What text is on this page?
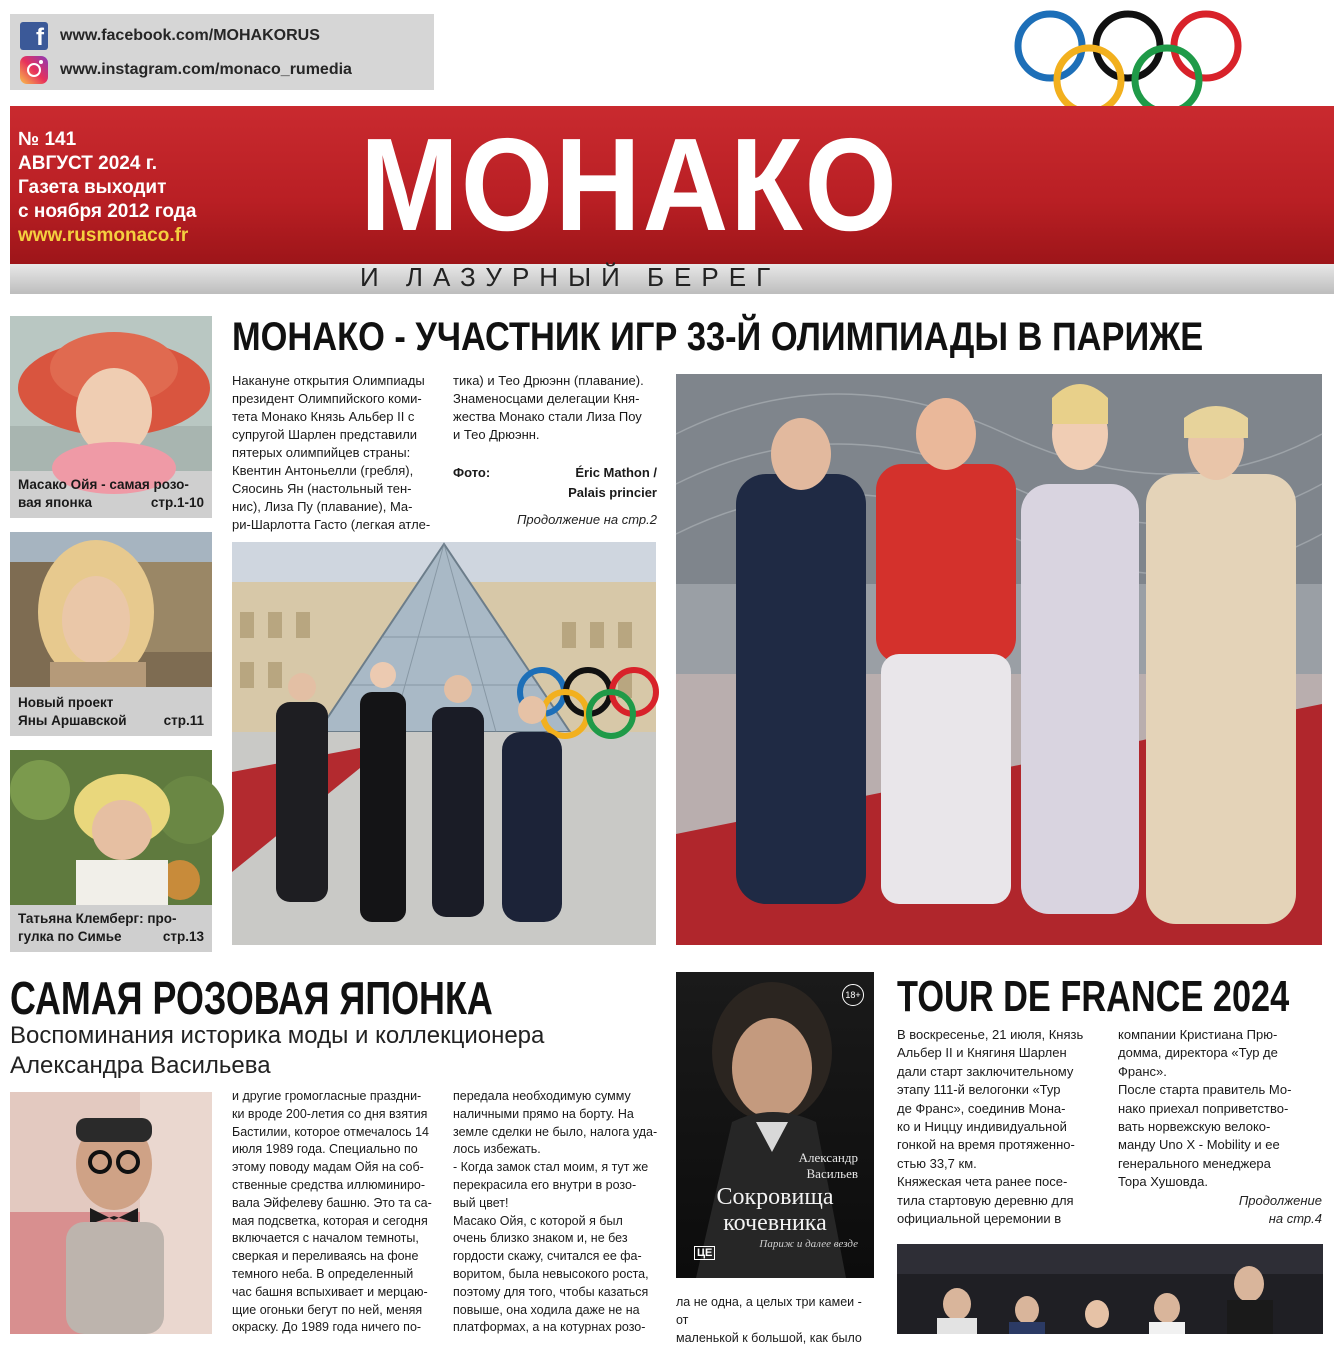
f www.facebook.com/MOHAKORUS
www.instagram.com/monaco_rumedia
№ 141
АВГУСТ 2024 г.
Газета выходит
с ноября 2012 года
www.rusmonaco.fr МОНАКО
И ЛАЗУРНЫЙ БЕРЕГ
Масако Ойя - самая розо-
стр.1-10
вая японка
Новый проект
стр.11
Яны Аршавской
Татьяна Клемберг: про-
стр.13
гулка по Симье
МОНАКО - УЧАСТНИК ИГР 33-Й ОЛИМПИАДЫ В ПАРИЖЕ
Накануне открытия Олимпиады
президент Олимпийского коми-
тета Монако Князь Альбер II с
супругой Шарлен представили
пятерых олимпийцев страны:
Квентин Антоньелли (гребля),
Сяосинь Ян (настольный тен-
нис), Лиза Пу (плавание), Ма-
ри-Шарлотта Гасто (легкая атле-
тика) и Тео Дрюэнн (плавание).
Знаменосцами делегации Кня-
жества Монако стали Лиза Поу
и Тео Дрюэнн.
Фото:	Éric Mathon /
Palais princier
Продолжение на стр.2
САМАЯ РОЗОВАЯ ЯПОНКА
Воспоминания историка моды и коллекционера
Александра Васильева
и другие громогласные праздни-
ки вроде 200-летия со дня взятия
Бастилии, которое отмечалось 14
июля 1989 года. Специально по
этому поводу мадам Ойя на соб-
ственные средства иллюминиро-
вала Эйфелеву башню. Это та са-
мая подсветка, которая и сегодня
включается с началом темноты,
сверкая и переливаясь на фоне
темного неба. В определенный
час башня вспыхивает и мерцаю-
щие огоньки бегут по ней, меняя
окраску. До 1989 года ничего по-
передала необходимую сумму
наличными прямо на борту. На
земле сделки не было, налога уда-
лось избежать.
- Когда замок стал моим, я тут же
перекрасила его внутри в розо-
вый цвет!
Масако Ойя, с которой я был
очень близко знаком и, не без
гордости скажу, считался ее фа-
воритом, была невысокого роста,
поэтому для того, чтобы казаться
повыше, она ходила даже не на
платформах, а на котурнах розо-
18+
Александр
Васильев
Сокровища
кочевника
Париж и далее везде
ЦЕ
ла не одна, а целых три камеи - от
маленькой к большой, как было
TOUR DE FRANCE 2024
В воскресенье, 21 июля, Князь
Альбер II и Княгиня Шарлен
дали старт заключительному
этапу 111-й велогонки «Тур
де Франс», соединив Мона-
ко и Ниццу индивидуальной
гонкой на время протяженно-
стью 33,7 км.
Княжеская чета ранее посе-
тила стартовую деревню для
официальной церемонии в
компании Кристиана Прю-
домма, директора «Тур де
Франс».
После старта правитель Мо-
нако приехал поприветство-
вать норвежскую велоко-
манду Uno X - Mobility и ее
генерального менеджера
Тора Хушовда.
Продолжение
на стр.4
